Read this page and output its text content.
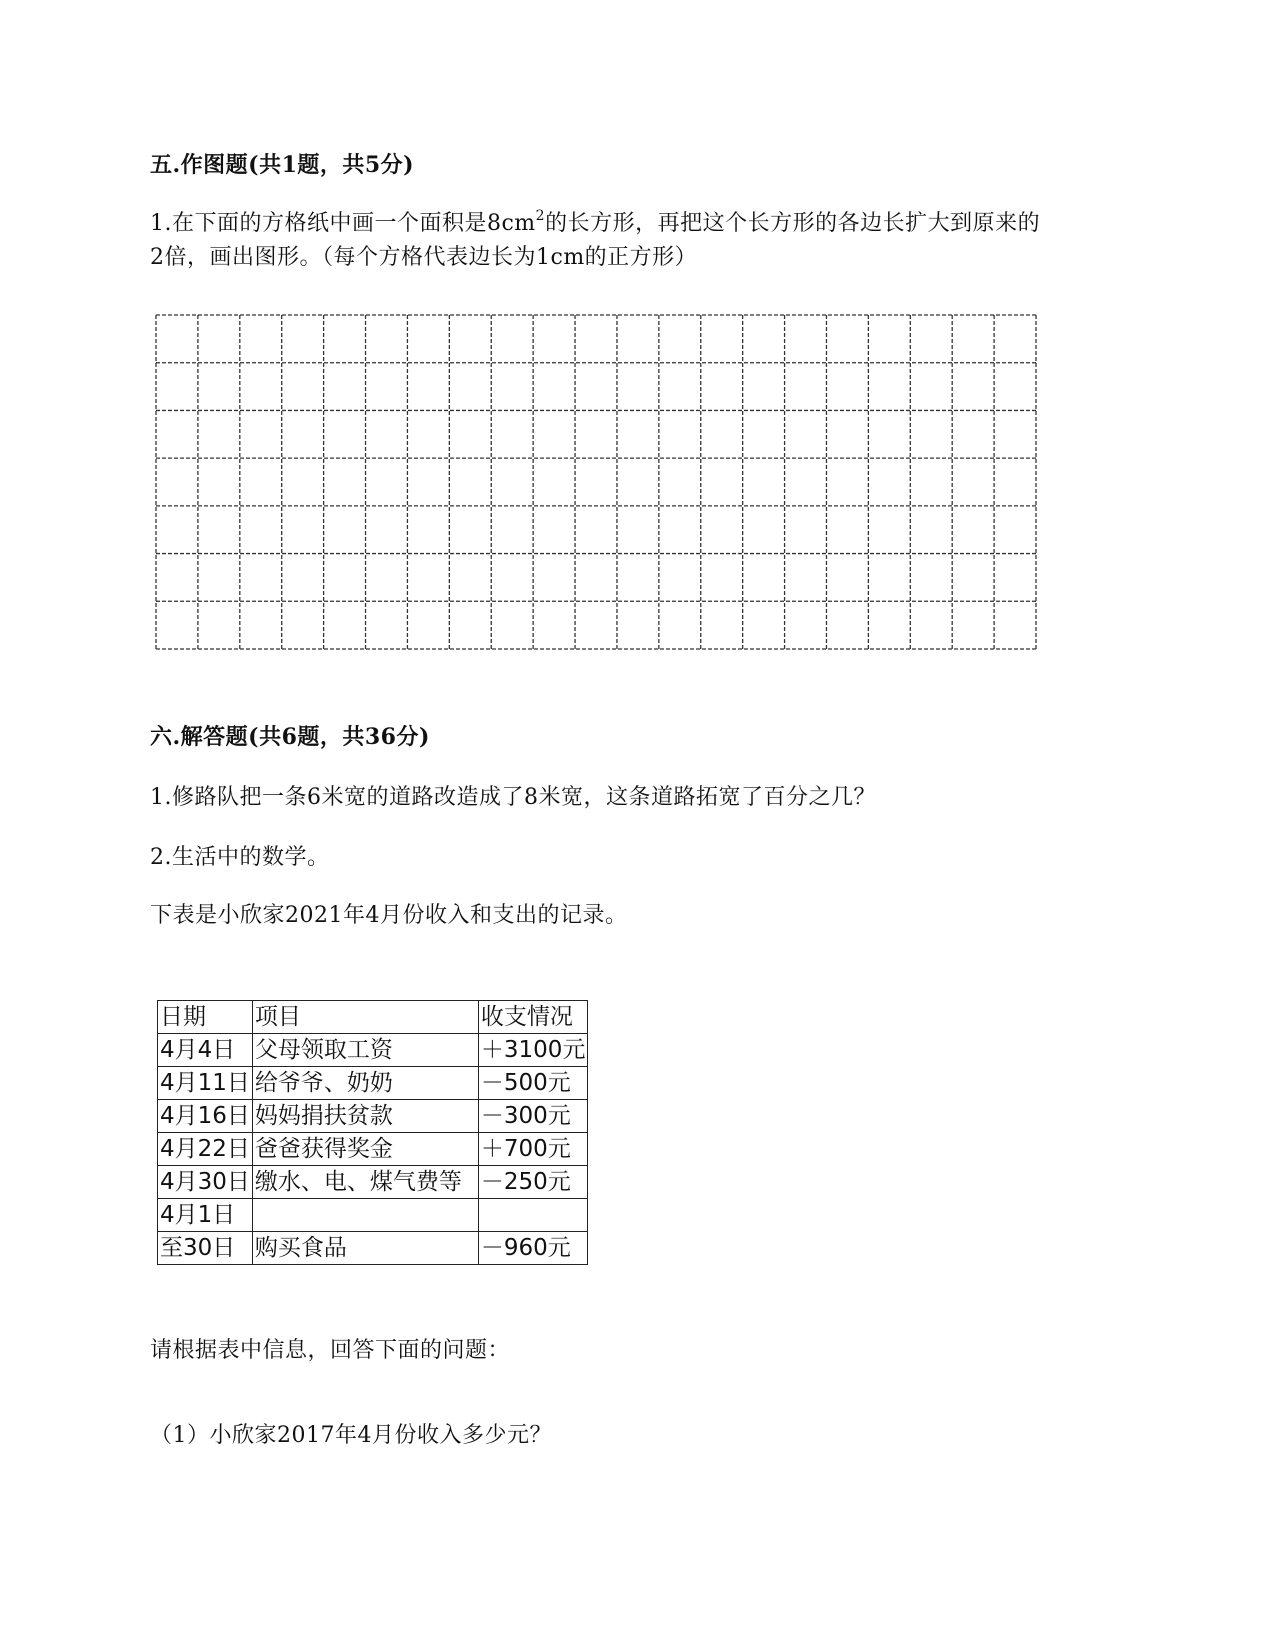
五.作图题(共1题，共5分)
1.在下面的方格纸中画一个面积是$8cm^2$的长方形，再把这个长方形的各边长扩大到原来的
2倍，画出图形。（每个方格代表边长为1cm的正方形）
六.解答题(共6题，共36分)
1.修路队把一条6米宽的道路改造成了8米宽，这条道路拓宽了百分之几？
2.生活中的数学。
下表是小欣家2021年4月份收入和支出的记录。
日期	项目	收支情况
4月4日	父母领取工资	＋3100元
4月11日	给爷爷、奶奶	－500元
4月16日	妈妈捐扶贫款	－300元
4月22日	爸爸获得奖金	＋700元
4月30日	缴水、电、煤气费等	－250元
4月1日		
至30日	购买食品	－960元
请根据表中信息，回答下面的问题：
（1）小欣家2017年4月份收入多少元？
